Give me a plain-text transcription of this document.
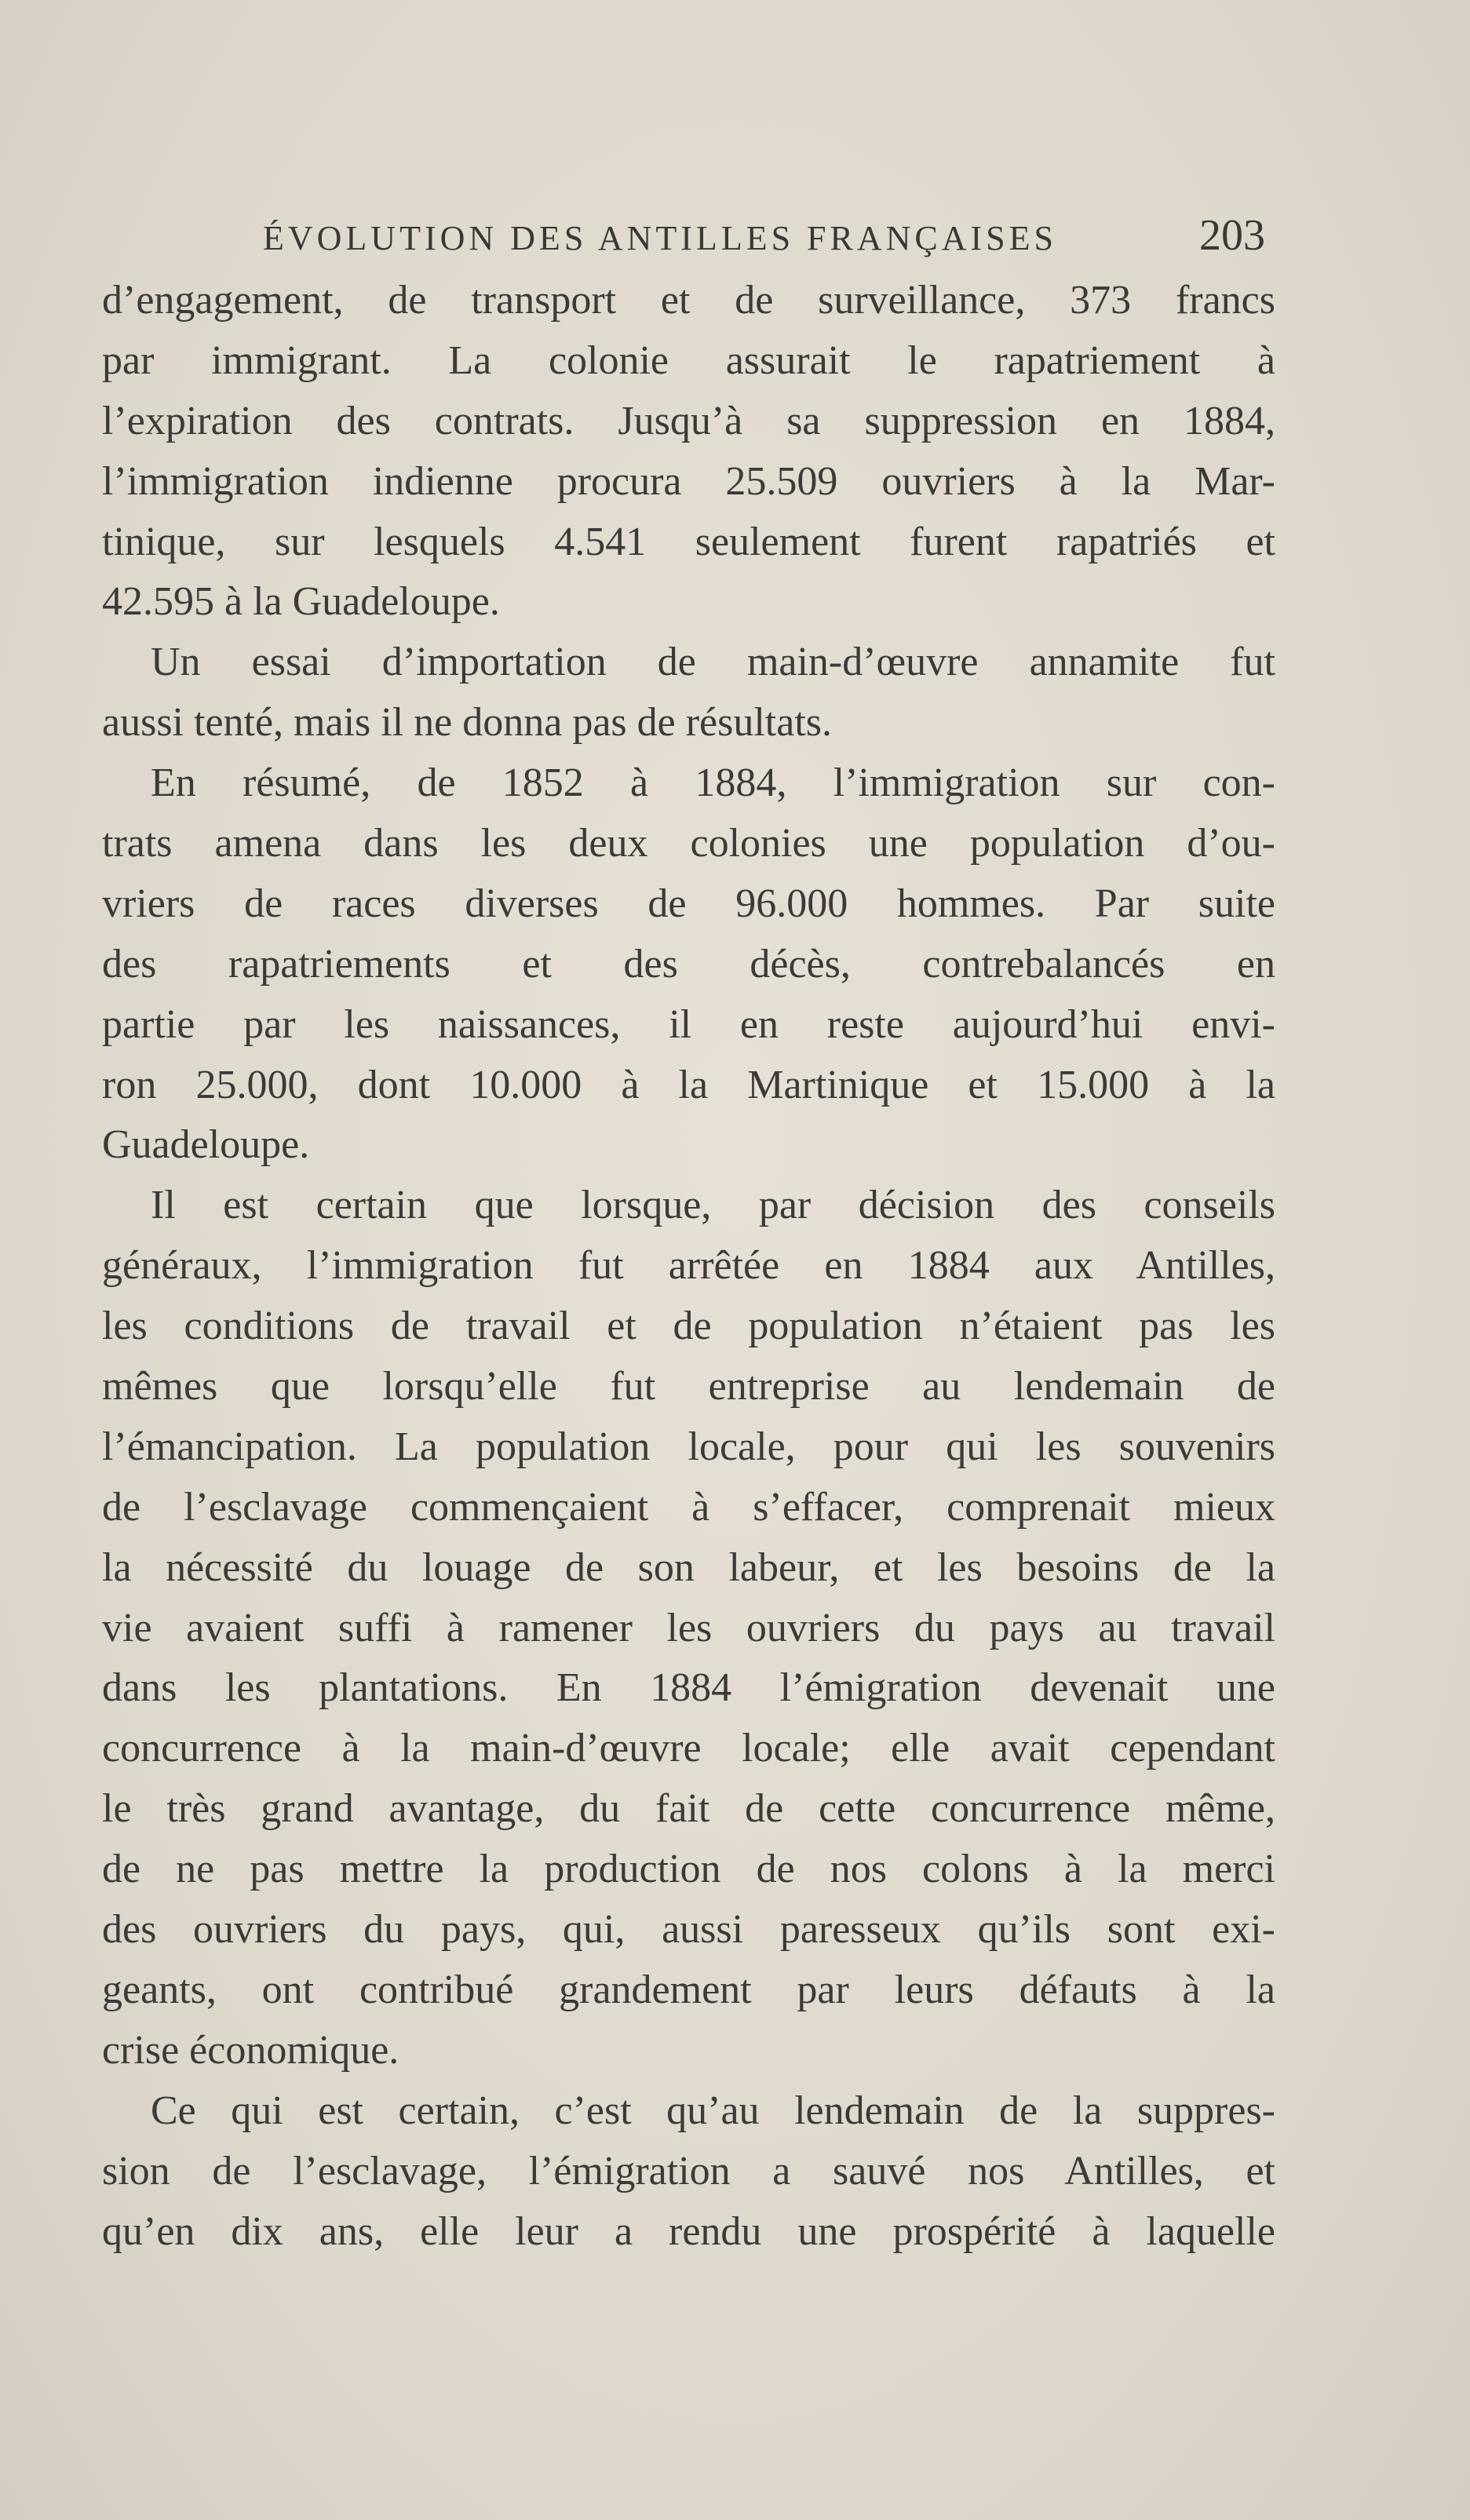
ÉVOLUTION DES ANTILLES FRANÇAISES	203
d’engagement, de transport et de surveillance, 373 francs
par immigrant. La colonie assurait le rapatriement à
l’expiration des contrats. Jusqu’à sa suppression en 1884,
l’immigration indienne procura 25.509 ouvriers à la Mar-
tinique, sur lesquels 4.541 seulement furent rapatriés et
42.595 à la Guadeloupe.
Un essai d’importation de main-d’œuvre annamite fut
aussi tenté, mais il ne donna pas de résultats.
En résumé, de 1852 à 1884, l’immigration sur con-
trats amena dans les deux colonies une population d’ou-
vriers de races diverses de 96.000 hommes. Par suite
des rapatriements et des décès, contrebalancés en
partie par les naissances, il en reste aujourd’hui envi-
ron 25.000, dont 10.000 à la Martinique et 15.000 à la
Guadeloupe.
Il est certain que lorsque, par décision des conseils
généraux, l’immigration fut arrêtée en 1884 aux Antilles,
les conditions de travail et de population n’étaient pas les
mêmes que lorsqu’elle fut entreprise au lendemain de
l’émancipation. La population locale, pour qui les souvenirs
de l’esclavage commençaient à s’effacer, comprenait mieux
la nécessité du louage de son labeur, et les besoins de la
vie avaient suffi à ramener les ouvriers du pays au travail
dans les plantations. En 1884 l’émigration devenait une
concurrence à la main-d’œuvre locale; elle avait cependant
le très grand avantage, du fait de cette concurrence même,
de ne pas mettre la production de nos colons à la merci
des ouvriers du pays, qui, aussi paresseux qu’ils sont exi-
geants, ont contribué grandement par leurs défauts à la
crise économique.
Ce qui est certain, c’est qu’au lendemain de la suppres-
sion de l’esclavage, l’émigration a sauvé nos Antilles, et
qu’en dix ans, elle leur a rendu une prospérité à laquelle
